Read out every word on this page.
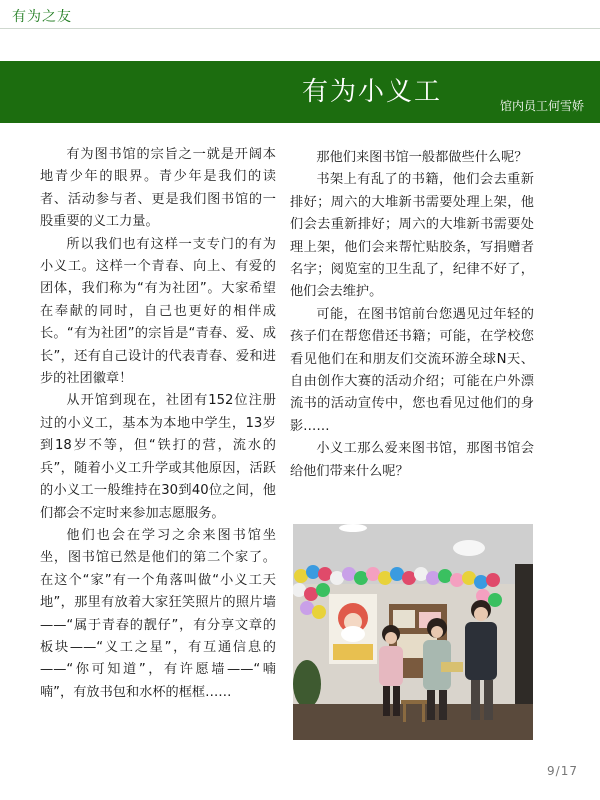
有为之友
有为小义工	馆内员工何雪娇

有为图书馆的宗旨之一就是开阔本地青少年的眼界。青少年是我们的读者、活动参与者、更是我们图书馆的一股重要的义工力量。

所以我们也有这样一支专门的有为小义工。这样一个青春、向上、有爱的团体，我们称为“有为社团”。大家希望在奉献的同时，自己也更好的相伴成长。“有为社团”的宗旨是“青春、爱、成长”，还有自己设计的代表青春、爱和进步的社团徽章！

从开馆到现在，社团有152位注册过的小义工，基本为本地中学生，13岁到18岁不等，但“铁打的营，流水的兵”，随着小义工升学或其他原因，活跃的小义工一般维持在30到40位之间，他们都会不定时来参加志愿服务。

他们也会在学习之余来图书馆坐坐，图书馆已然是他们的第二个家了。在这个“家”有一个角落叫做“小义工天地”，那里有放着大家狂笑照片的照片墙——“属于青春的靓仔”，有分享文章的板块——“义工之星”，有互通信息的——“你可知道”，有许愿墙——“喃喃”，有放书包和水杯的框框……

那他们来图书馆一般都做些什么呢？

书架上有乱了的书籍，他们会去重新排好；周六的大堆新书需要处理上架，他们会去重新排好；周六的大堆新书需要处理上架，他们会来帮忙贴胶条，写捐赠者名字；阅览室的卫生乱了，纪律不好了，他们会去维护。

可能，在图书馆前台您遇见过年轻的孩子们在帮您借还书籍；可能，在学校您看见他们在和朋友们交流环游全球N天、自由创作大赛的活动介绍；可能在户外漂流书的活动宣传中，您也看见过他们的身影……

小义工那么爱来图书馆，那图书馆会给他们带来什么呢？

9/17
